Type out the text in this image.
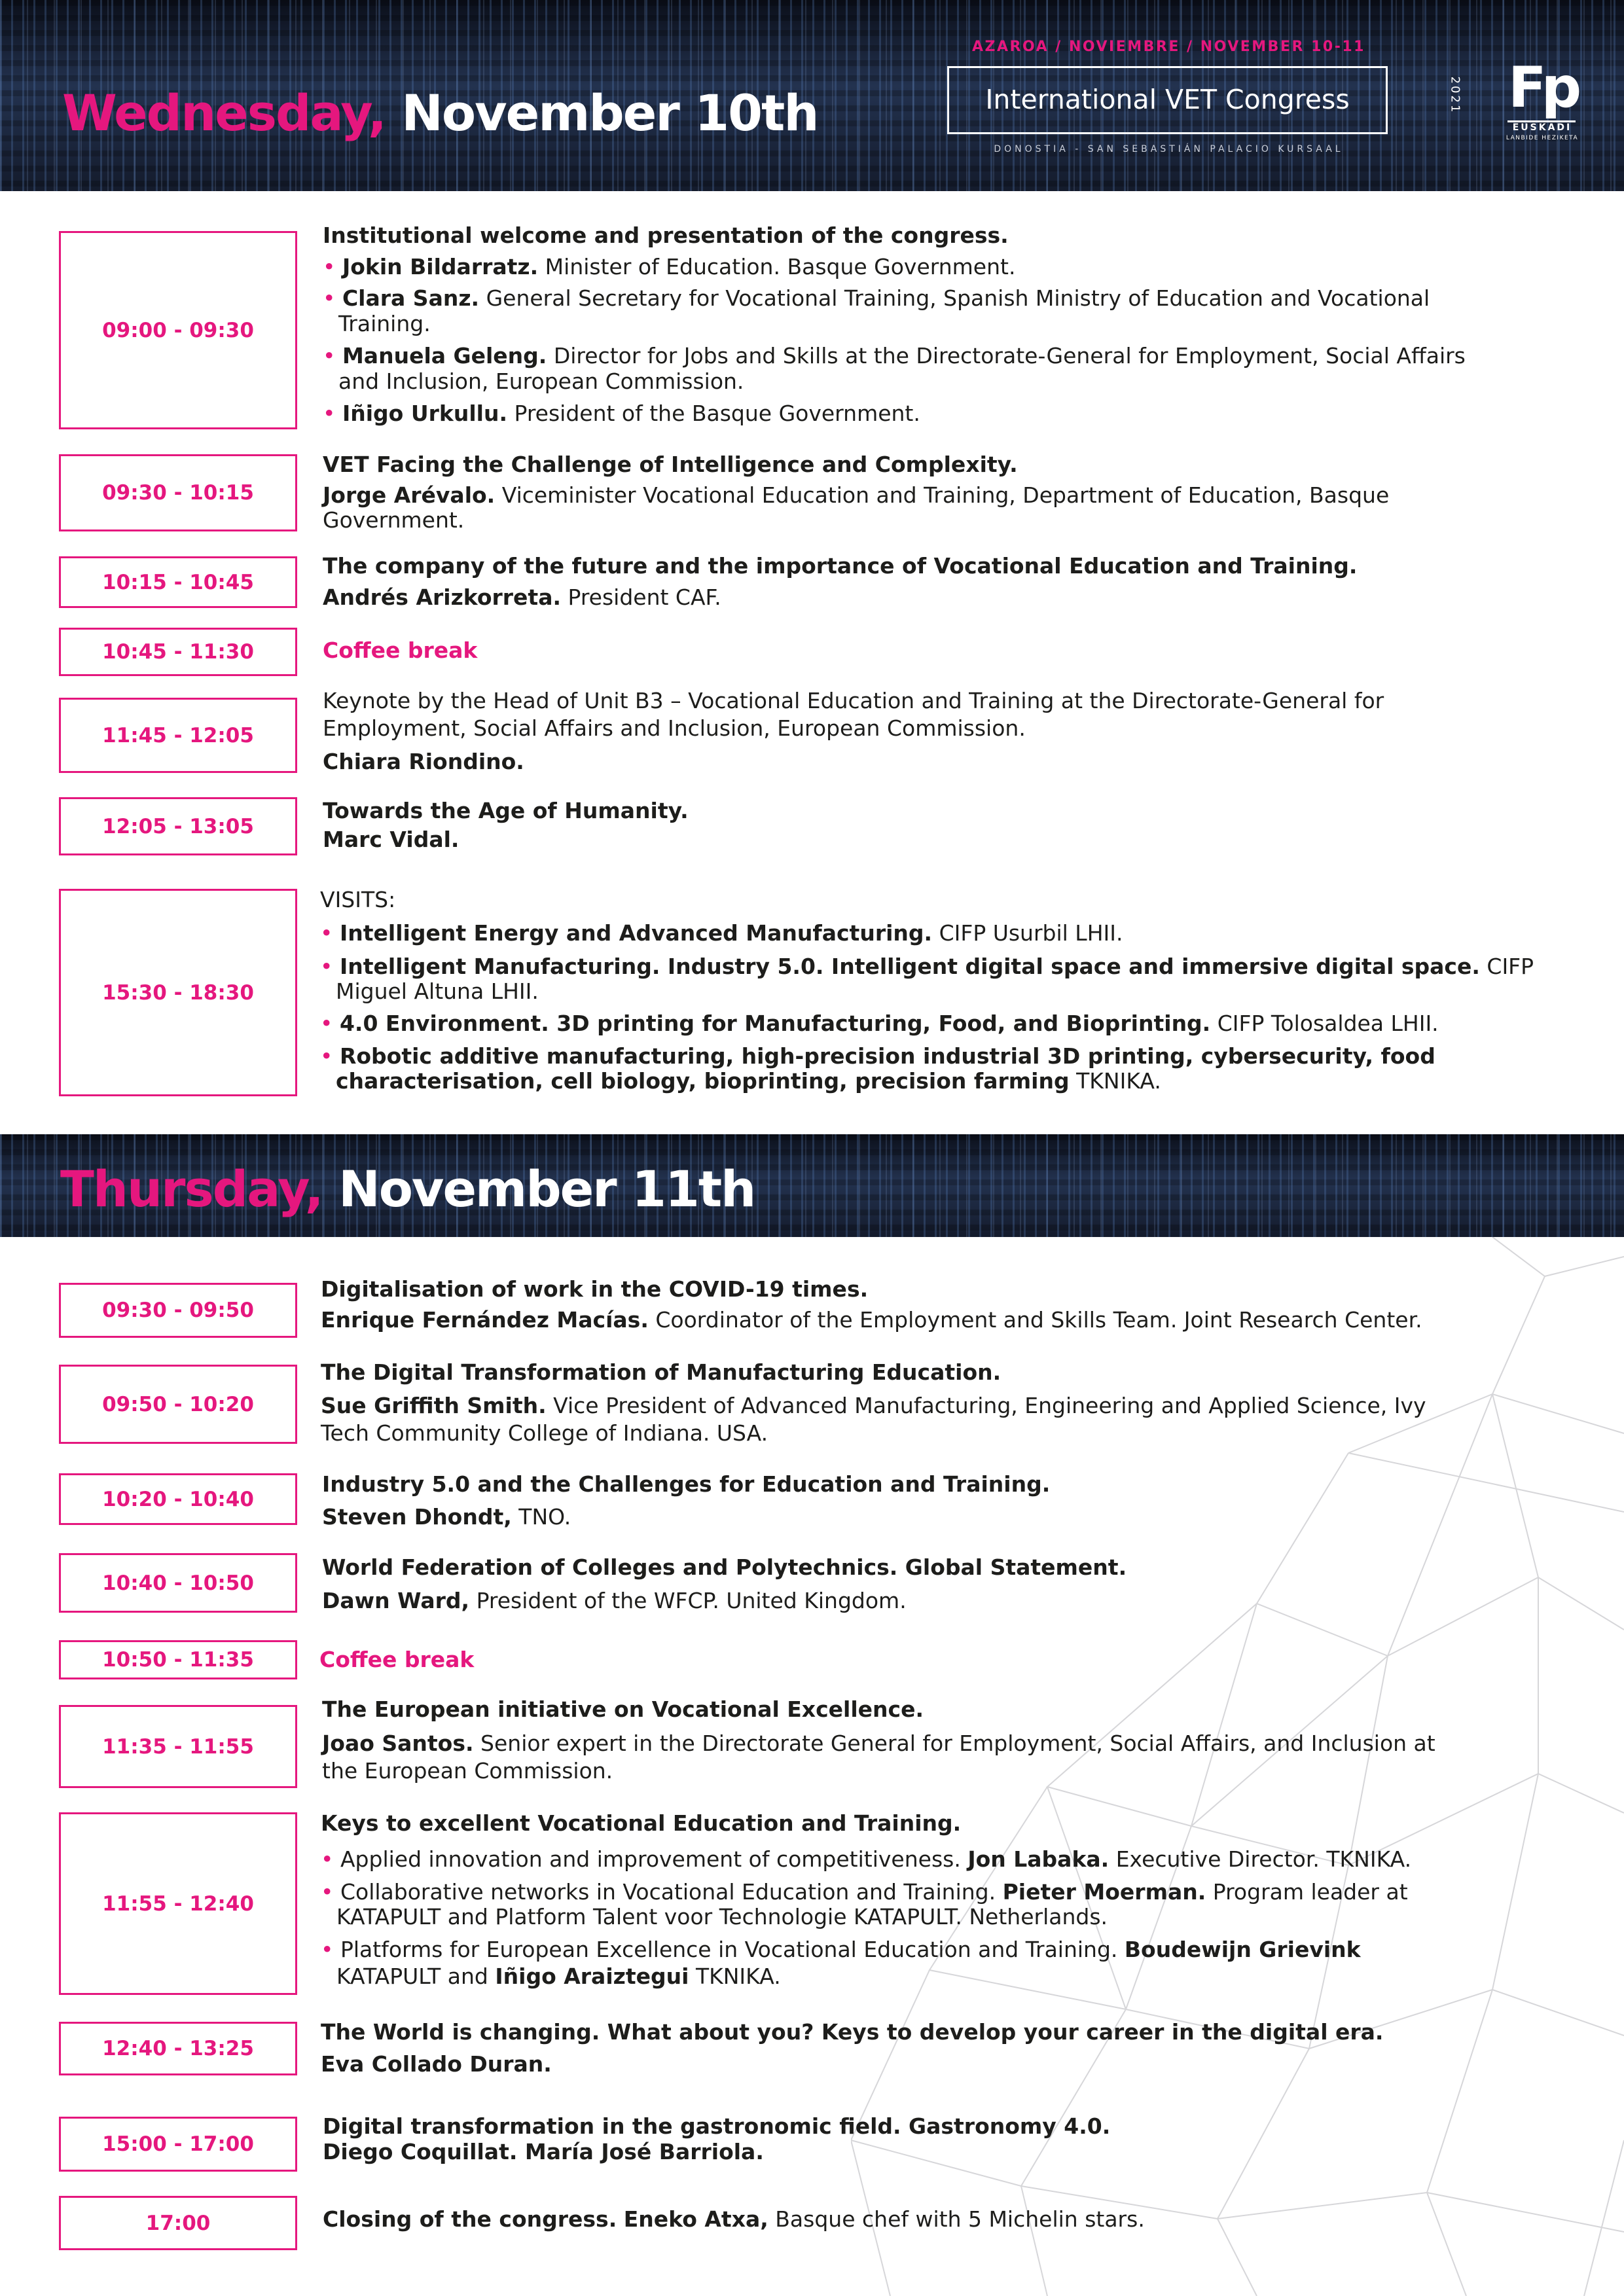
Wednesday, November 10th
AZAROA / NOVIEMBRE / NOVEMBER 10-11
International VET Congress
DONOSTIA - SAN SEBASTIÁN PALACIO KURSAAL
2021 Fp
EUSKADI
LANBIDE HEZIKETA
09:00 - 09:30
09:30 - 10:15
10:15 - 10:45
10:45 - 11:30
11:45 - 12:05
12:05 - 13:05
15:30 - 18:30

Institutional welcome and presentation of the congress.

• Jokin Bildarratz. Minister of Education. Basque Government.

• Clara Sanz. General Secretary for Vocational Training, Spanish Ministry of Education and Vocational

Training.

• Manuela Geleng. Director for Jobs and Skills at the Directorate-General for Employment, Social Affairs

and Inclusion, European Commission.

• Iñigo Urkullu. President of the Basque Government.

VET Facing the Challenge of Intelligence and Complexity.

Jorge Arévalo. Viceminister Vocational Education and Training, Department of Education, Basque

Government.

The company of the future and the importance of Vocational Education and Training.

Andrés Arizkorreta. President CAF.

Coffee break

Keynote by the Head of Unit B3 – Vocational Education and Training at the Directorate-General for

Employment, Social Affairs and Inclusion, European Commission.

Chiara Riondino.

Towards the Age of Humanity.

Marc Vidal.

VISITS:

• Intelligent Energy and Advanced Manufacturing. CIFP Usurbil LHII.

• Intelligent Manufacturing. Industry 5.0. Intelligent digital space and immersive digital space. CIFP

Miguel Altuna LHII.

• 4.0 Environment. 3D printing for Manufacturing, Food, and Bioprinting. CIFP Tolosaldea LHII.

• Robotic additive manufacturing, high-precision industrial 3D printing, cybersecurity, food

characterisation, cell biology, bioprinting, precision farming TKNIKA.

Thursday, November 11th
09:30 - 09:50
09:50 - 10:20
10:20 - 10:40
10:40 - 10:50
10:50 - 11:35
11:35 - 11:55
11:55 - 12:40
12:40 - 13:25
15:00 - 17:00
17:00

Digitalisation of work in the COVID-19 times.

Enrique Fernández Macías. Coordinator of the Employment and Skills Team. Joint Research Center.

The Digital Transformation of Manufacturing Education.

Sue Griffith Smith. Vice President of Advanced Manufacturing, Engineering and Applied Science, Ivy

Tech Community College of Indiana. USA.

Industry 5.0 and the Challenges for Education and Training.

Steven Dhondt, TNO.

World Federation of Colleges and Polytechnics. Global Statement.

Dawn Ward, President of the WFCP. United Kingdom.

Coffee break

The European initiative on Vocational Excellence.

Joao Santos. Senior expert in the Directorate General for Employment, Social Affairs, and Inclusion at

the European Commission.

Keys to excellent Vocational Education and Training.

• Applied innovation and improvement of competitiveness. Jon Labaka. Executive Director. TKNIKA.

• Collaborative networks in Vocational Education and Training. Pieter Moerman. Program leader at

KATAPULT and Platform Talent voor Technologie KATAPULT. Netherlands.

• Platforms for European Excellence in Vocational Education and Training. Boudewijn Grievink

KATAPULT and Iñigo Araiztegui TKNIKA.

The World is changing. What about you? Keys to develop your career in the digital era.

Eva Collado Duran.

Digital transformation in the gastronomic field. Gastronomy 4.0.

Diego Coquillat. María José Barriola.

Closing of the congress. Eneko Atxa, Basque chef with 5 Michelin stars.
